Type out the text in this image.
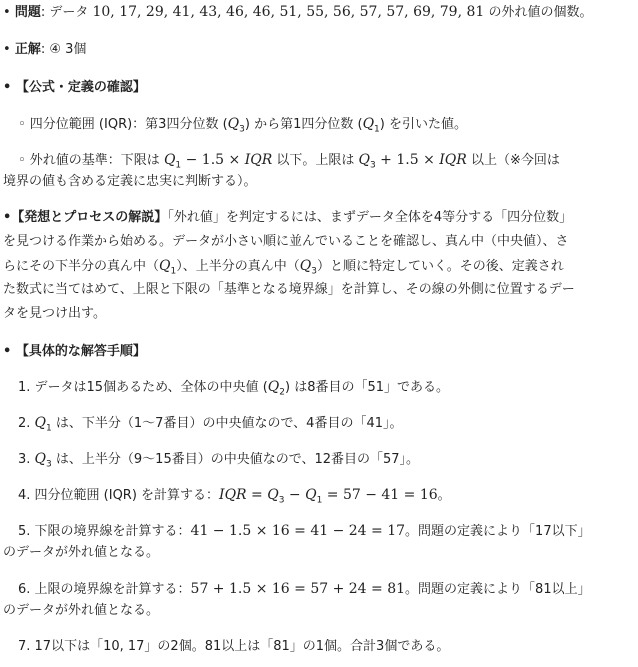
• 問題: データ 10, 17, 29, 41, 43, 46, 46, 51, 55, 56, 57, 57, 69, 79, 81 の外れ値の個数。
• 正解: ④ 3個
• 【公式・定義の確認】
◦ 四分位範囲 (IQR)：第3四分位数 $(Q_3)$ から第1四分位数 $(Q_1)$ を引いた値。
◦ 外れ値の基準：下限は $Q_1 - 1.5$ × IQR 以下。上限は $Q_3 + 1.5$ × IQR 以上（※今回は
境界の値も含める定義に忠実に判断する）。
•【発想とプロセスの解説】「外れ値」を判定するには、まずデータ全体を4等分する「四分位数」
を見つける作業から始める。データが小さい順に並んでいることを確認し、真ん中（中央値）、さ
らにその下半分の真ん中$(Q_1)$、上半分の真ん中$(Q_3)$と順に特定していく。その後、定義され
た数式に当てはめて、上限と下限の「基準となる境界線」を計算し、その線の外側に位置するデー
タを見つけ出す。
• 【具体的な解答手順】
1. データは15個あるため、全体の中央値 $(Q_2)$ は8番目の「51」である。
2. $Q_1$ は、下半分（1〜7番目）の中央値なので、4番目の「41」。
3. $Q_3$ は、上半分（9〜15番目）の中央値なので、12番目の「57」。
4. 四分位範囲 (IQR) を計算する：IQR = $Q_3 - Q_1 = 57 - 41 = 16$。
5. 下限の境界線を計算する：41 − 1.5 × 16 = 41 − 24 = 17。問題の定義により「17以下」
のデータが外れ値となる。
6. 上限の境界線を計算する：57 + 1.5 × 16 = 57 + 24 = 81。問題の定義により「81以上」
のデータが外れ値となる。
7. 17以下は「10, 17」の2個。81以上は「81」の1個。合計3個である。
